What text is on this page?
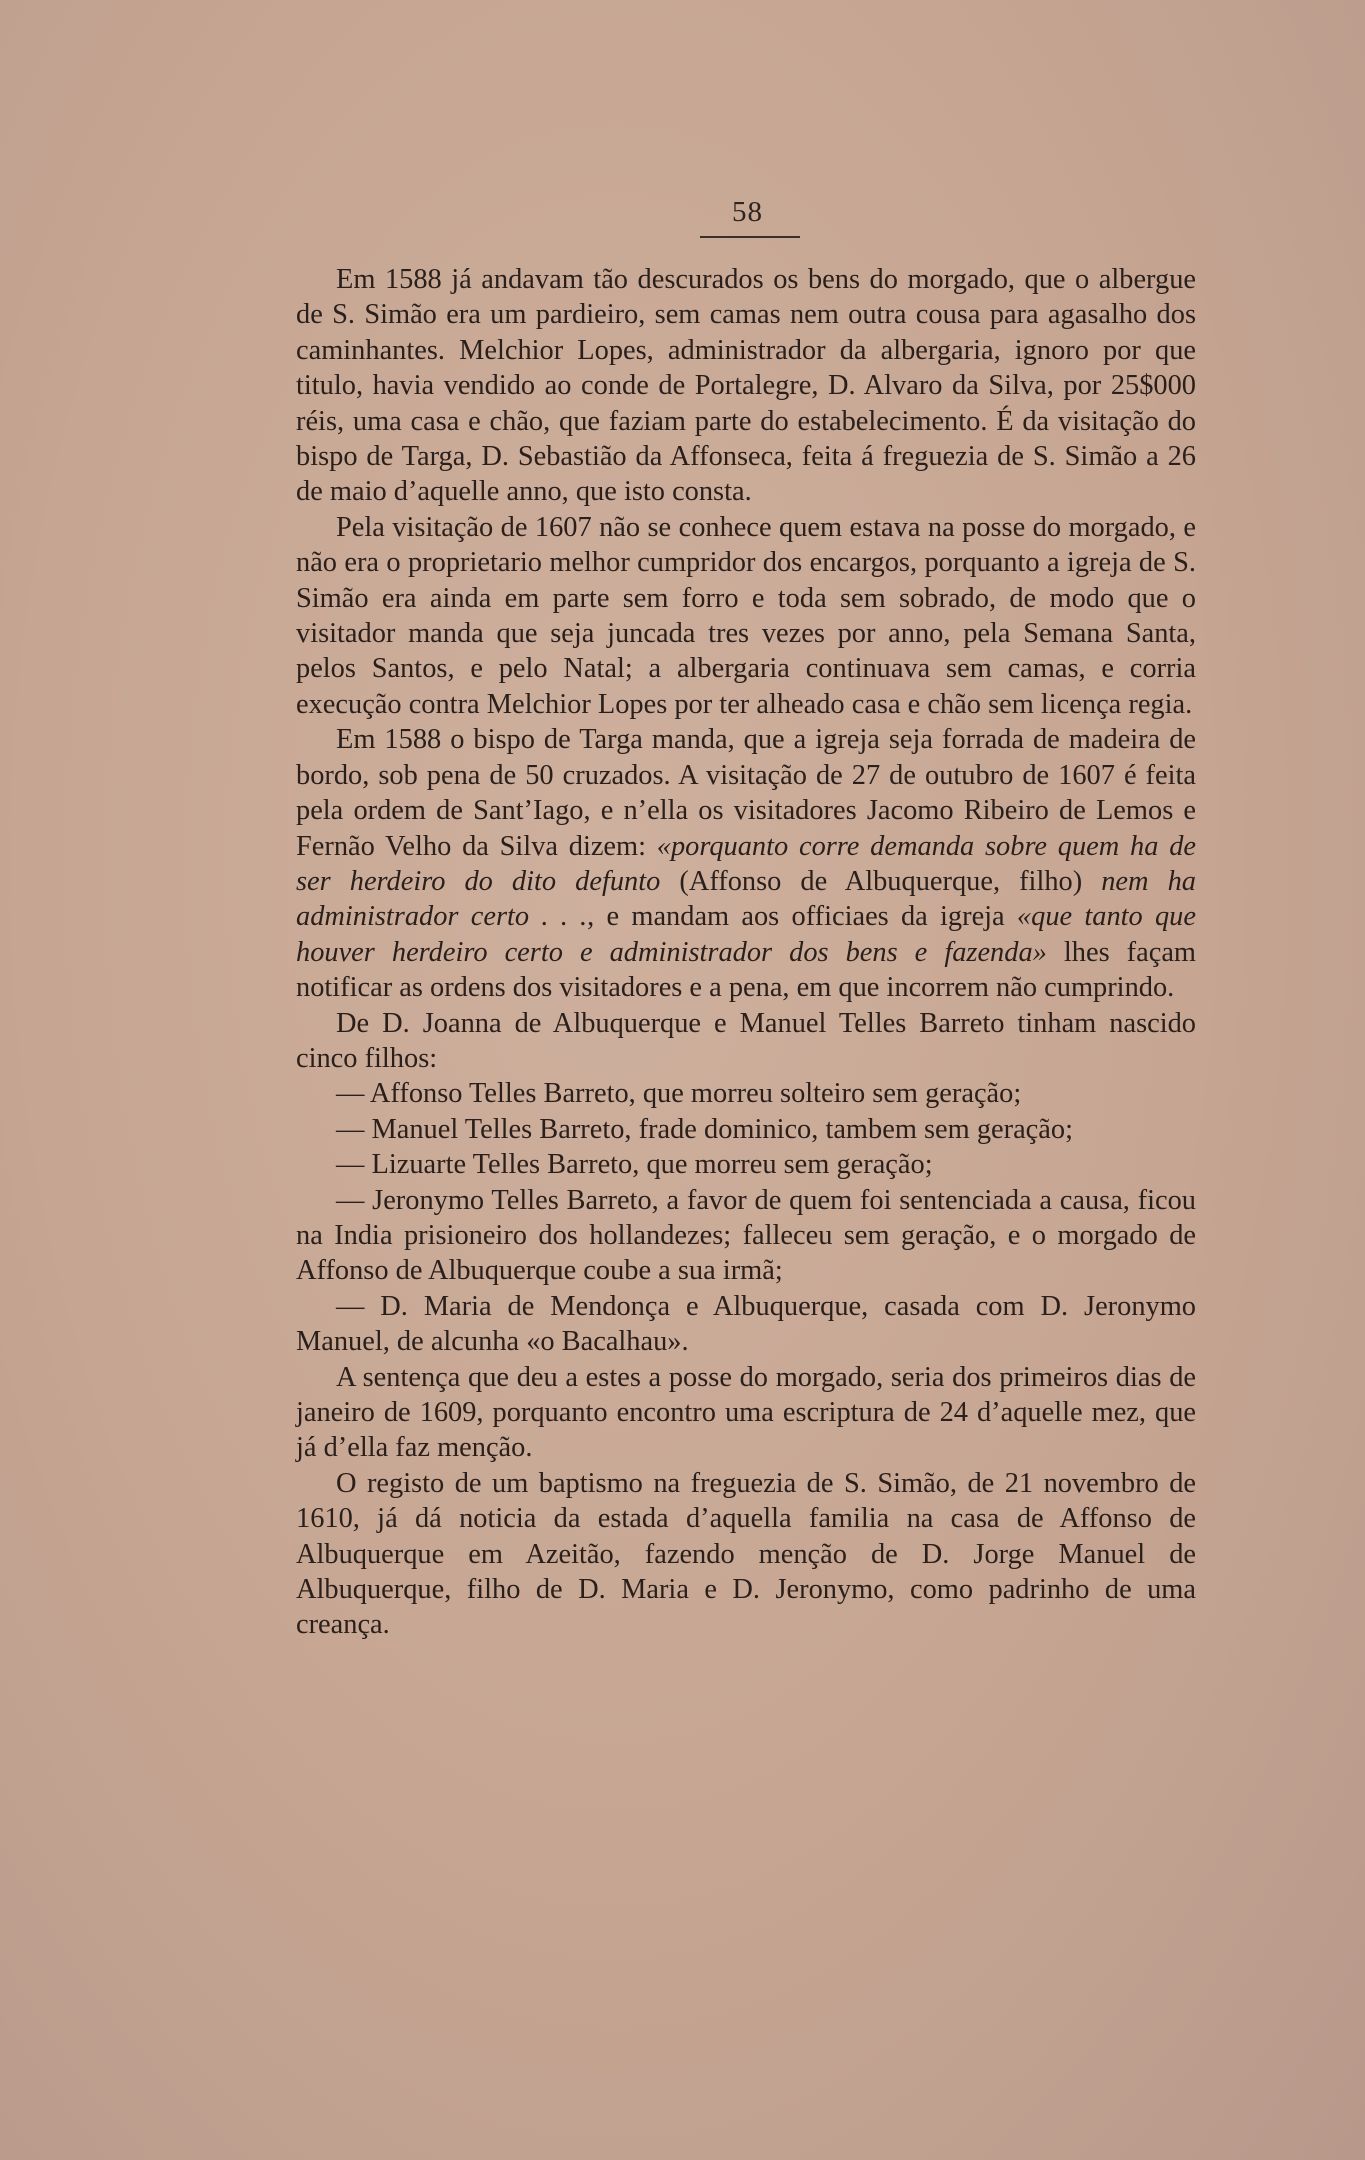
58

Em 1588 já andavam tão descurados os bens do morgado, que o albergue de S. Simão era um pardieiro, sem camas nem outra cousa para agasalho dos caminhantes. Melchior Lopes, administrador da albergaria, ignoro por que titulo, havia vendido ao conde de Portalegre, D. Alvaro da Silva, por 25$000 réis, uma casa e chão, que faziam parte do estabelecimento. É da visitação do bispo de Targa, D. Sebastião da Affonseca, feita á freguezia de S. Simão a 26 de maio d’aquelle anno, que isto consta.

Pela visitação de 1607 não se conhece quem estava na posse do morgado, e não era o proprietario melhor cumpridor dos encargos, porquanto a igreja de S. Simão era ainda em parte sem forro e toda sem sobrado, de modo que o visitador manda que seja juncada tres vezes por anno, pela Semana Santa, pelos Santos, e pelo Natal; a albergaria continuava sem camas, e corria execução contra Melchior Lopes por ter alheado casa e chão sem licença regia.

Em 1588 o bispo de Targa manda, que a igreja seja forrada de madeira de bordo, sob pena de 50 cruzados. A visitação de 27 de outubro de 1607 é feita pela ordem de Sant’Iago, e n’ella os visitadores Jacomo Ribeiro de Lemos e Fernão Velho da Silva dizem: «porquanto corre demanda sobre quem ha de ser herdeiro do dito defunto (Affonso de Albuquerque, filho) nem ha administrador certo . . ., e mandam aos officiaes da igreja «que tanto que houver herdeiro certo e administrador dos bens e fazenda» lhes façam notificar as ordens dos visitadores e a pena, em que incorrem não cumprindo.

De D. Joanna de Albuquerque e Manuel Telles Barreto tinham nascido cinco filhos:

— Affonso Telles Barreto, que morreu solteiro sem geração;

— Manuel Telles Barreto, frade dominico, tambem sem geração;

— Lizuarte Telles Barreto, que morreu sem geração;

— Jeronymo Telles Barreto, a favor de quem foi sentenciada a causa, ficou na India prisioneiro dos hollandezes; falleceu sem geração, e o morgado de Affonso de Albuquerque coube a sua irmã;

— D. Maria de Mendonça e Albuquerque, casada com D. Jeronymo Manuel, de alcunha «o Bacalhau».

A sentença que deu a estes a posse do morgado, seria dos primeiros dias de janeiro de 1609, porquanto encontro uma escriptura de 24 d’aquelle mez, que já d’ella faz menção.

O registo de um baptismo na freguezia de S. Simão, de 21 novembro de 1610, já dá noticia da estada d’aquella familia na casa de Affonso de Albuquerque em Azeitão, fazendo menção de D. Jorge Manuel de Albuquerque, filho de D. Maria e D. Jeronymo, como padrinho de uma creança.
